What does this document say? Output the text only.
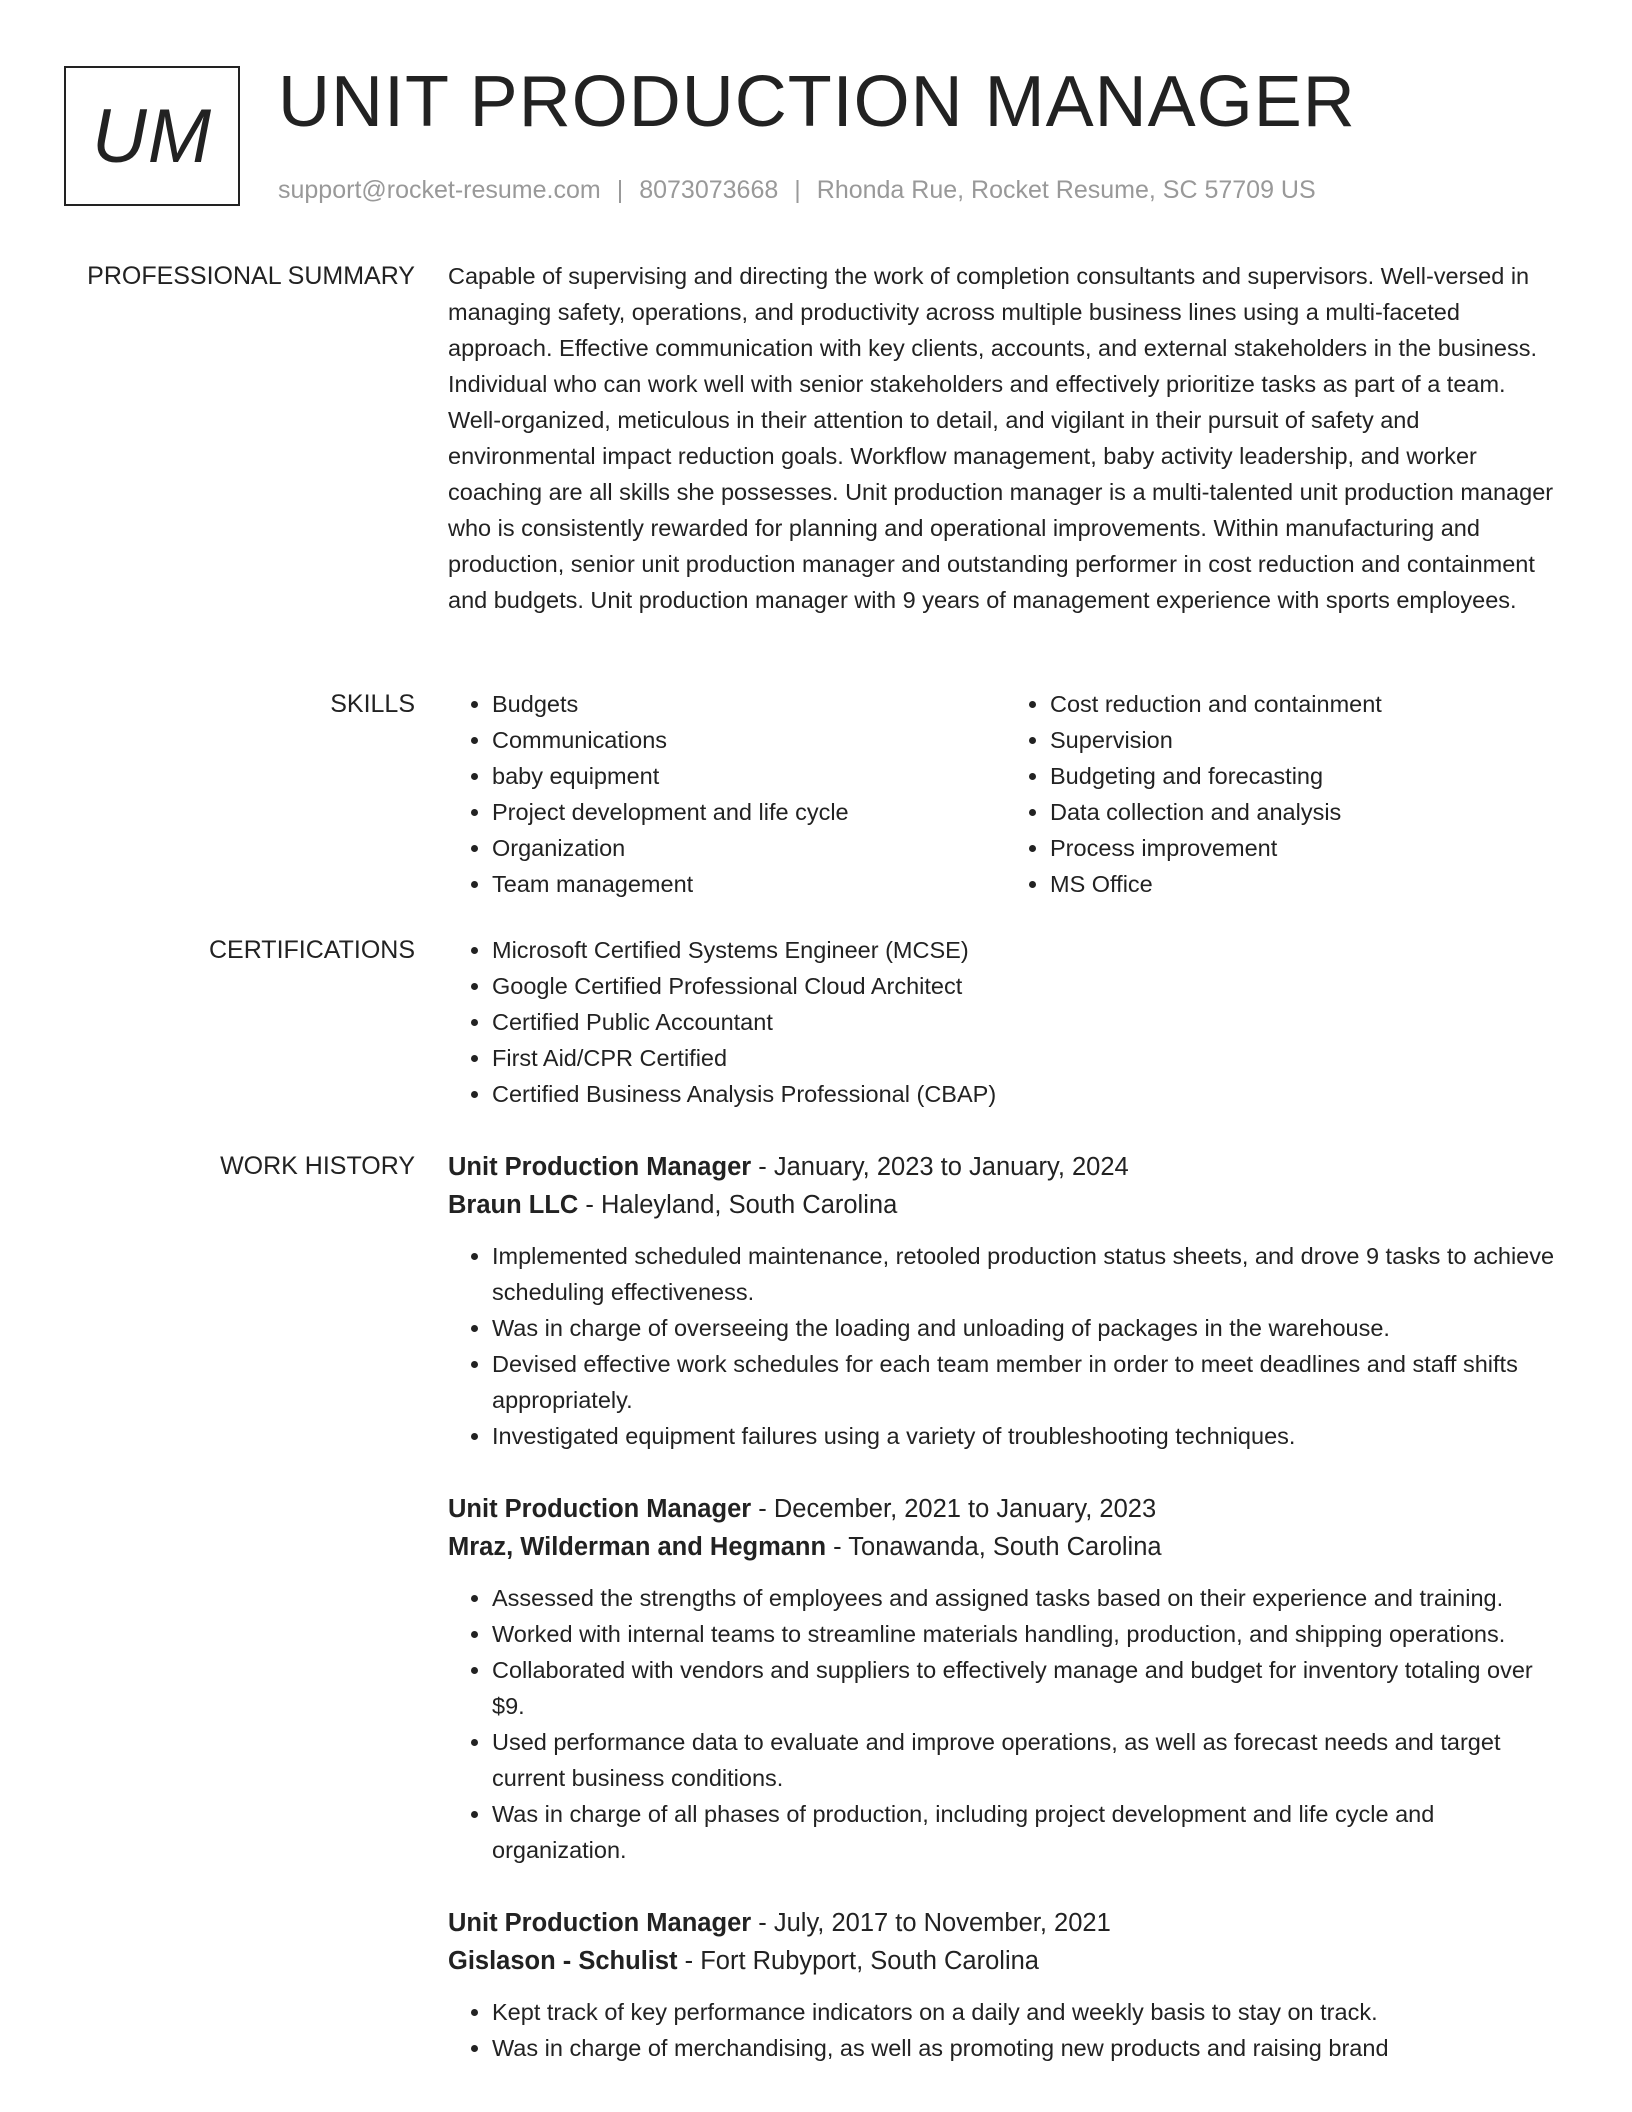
UM UNIT PRODUCTION MANAGER
support@rocket-resume.com | 8073073668 | Rhonda Rue, Rocket Resume, SC 57709 US
PROFESSIONAL SUMMARY Capable of supervising and directing the work of completion consultants and supervisors. Well-versed in managing safety, operations, and productivity across multiple business lines using a multi-faceted approach. Effective communication with key clients, accounts, and external stakeholders in the business. Individual who can work well with senior stakeholders and effectively prioritize tasks as part of a team. Well-organized, meticulous in their attention to detail, and vigilant in their pursuit of safety and environmental impact reduction goals. Workflow management, baby activity leadership, and worker coaching are all skills she possesses. Unit production manager is a multi-talented unit production manager who is consistently rewarded for planning and operational improvements. Within manufacturing and production, senior unit production manager and outstanding performer in cost reduction and containment and budgets. Unit production manager with 9 years of management experience with sports employees.

SKILLS	• Budgets
• Communications
• baby equipment
• Project development and life cycle
• Organization
• Team management
• Cost reduction and containment
• Supervision
• Budgeting and forecasting
• Data collection and analysis
• Process improvement
• MS Office
CERTIFICATIONS	• Microsoft Certified Systems Engineer (MCSE)
• Google Certified Professional Cloud Architect
• Certified Public Accountant
• First Aid/CPR Certified
• Certified Business Analysis Professional (CBAP)
WORK HISTORY Unit Production Manager - January, 2023 to January, 2024
Braun LLC - Haleyland, South Carolina
• Implemented scheduled maintenance, retooled production status sheets, and drove 9 tasks to achieve scheduling effectiveness.
• Was in charge of overseeing the loading and unloading of packages in the warehouse.
• Devised effective work schedules for each team member in order to meet deadlines and staff shifts appropriately.
• Investigated equipment failures using a variety of troubleshooting techniques.
Unit Production Manager - December, 2021 to January, 2023
Mraz, Wilderman and Hegmann - Tonawanda, South Carolina
• Assessed the strengths of employees and assigned tasks based on their experience and training.
• Worked with internal teams to streamline materials handling, production, and shipping operations.
• Collaborated with vendors and suppliers to effectively manage and budget for inventory totaling over $9.
• Used performance data to evaluate and improve operations, as well as forecast needs and target current business conditions.
• Was in charge of all phases of production, including project development and life cycle and organization.
Unit Production Manager - July, 2017 to November, 2021
Gislason - Schulist - Fort Rubyport, South Carolina
• Kept track of key performance indicators on a daily and weekly basis to stay on track.
• Was in charge of merchandising, as well as promoting new products and raising brand
